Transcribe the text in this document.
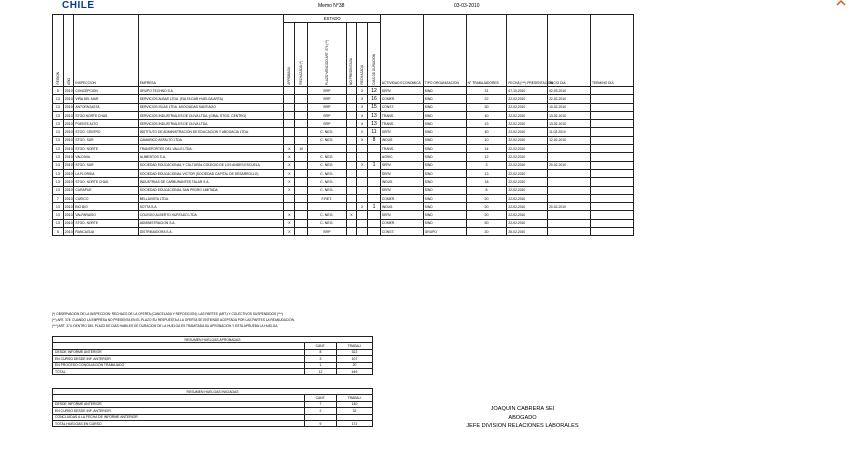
CHILE	Memo N°38	03-03-2010
REGION	AÑO	INSPECCION	EMPRESA	ESTADO						ACTIVIDAD ECONOMICA	TIPO ORGANIZACION	N° TRABAJADORES	FECHA (***) PRESENTACION	INICIO DIA	TERMINO DIA

				APROBADA	RECHAZADA (*)	PLAZO VENCIDO ART. 374 (**)	NO PRESENTADA	RECHAZADA	DIAS DE DURACION						

5	2010	CONCEPCION	GRUPO TECHNO S.A.			SRP		X	12	SERV.	SIND	31	07-10-2010	02-03-2010	
13	2010	VIÑA DEL MAR	SERVICIOS ALBAS LTDA. (FALTA DAR HUELGA ARTA)			SRP		X	16	COMER.	SIND	22	22-02-2010	22-02-2010	
13	2010	ANTOFAGASTA	SERVICIOS ISLAS LTDA. ASOCIADAS SANTIAGO			SRP		X	15	CONST.	SIND	30	22-02-2010	10-02-2010	
13	2010	STGO NORTE CHAS.	SERVICIOS INDUSTRIALES DE OLIVA LTDA. (GRAL STGO. CENTRO)			SRP		X	13	TRANS.	SIND	40	22-02-2010	13-02-2010	
13	2010	PUENTE ALTO	SERVICIOS INDUSTRIALES DE OLIVA LTDA.			SRP		X	13	TRANS.	SIND	13	22-02-2010	13-02-2010	
13	2010	STGO. CENTRO	INSTITUTO DE ADMINISTRACION DE EDUCACION Y ABOGACIA LTDA.			C. NEG.		X	11	SERV.	SIND	40	22-02-2010	11-02-2010	
13	2010	STGO. SUR	CAMARICO ASFALTO LTDA.			C. NEG.		X	8	INDUS.	SIND	10	22-02-2010	12-02-2010	
13	2010	STGO. NORTE	TRANSPORTES DEL VALLE LTDA.	X	10					TRANS.	SIND	14	22-02-2010		
13	2010	VALDIVIA	ALIMENTOS S.A.	X		C. NEG.				AGRIC.	SIND	12	22-02-2010		
13	2010	STGO. SUR	SOCIEDAD EDUCACIONAL Y CULTURAL COLEGIO DE LOS ANDES ESCUELA	X		C. NEG.		X	1	SERV.	SIND	3	22-02-2010	20-02-2010	
13	2010	LA FLORIDA	SOCIEDAD EDUCACIONAL VICTOR (SOCIEDAD CAPITAL DE DESARROLLO)	X		C. NEG.				SERV.	SIND	13	22-02-2010		
13	2010	STGO. NORTE CHAS.	INDUSTRIAS DE CARBURANTES TALAR S.A.	X		C. NEG.				INDUS.	SIND	18	22-02-2010		
13	2010	CURAPUE	SOCIEDAD EDUCACIONAL SAN PEDRO LIMITADA	X		C. NEG.				SERV.	SIND	8	22-02-2010		
7	2010	CURICO	BELLAVISTA LTDA.			F.RET.				COMER.	SIND	20	22-02-2010		
13	2010	BIO BIO	SOTTA S.A.					X	1	INDUS.	SIND	20	22-02-2010	20-02-2010	
13	2010	VALPARAISO	COLEGIO ALBERTO HURTADO LTDA.	X		C. NEG.	X			SERV.	SIND	20	22-02-2010		
13	2010	STGO. NORTE	ADMINISTRACION S.A.	X		C. NEG.				COMER.	SIND	50	22-02-2010		
5	2010	RANCAGUA	DISTRIBUIDORA S.A.	X		SRP				CONST.	GRUPO	20	26-02-2010		
(*) OBSERVACION DE LA INSPECCION: RECHAZO DE LA OFERTA (CANCELADA Y REPOSICION), LAS PARTES (ART.) Y COLECTIVOS SUSPENDIDOS (***)
(**) ART. 374: CUANDO LA EMPRESA NO PRESENTA EN EL PLAZO SU RESPUESTA A LA OFERTA SE ENTIENDE ACEPTADA POR LAS PARTES LA REANUDACION.
(***) ART. 374: DENTRO DEL PLAZO DE DIAS HABILES DE DURACION DE LA HUELGA ES TRAMITADA SU APROBACION Y ESTA APRUEBA LA HUELGA.
RESUMEN HUELGAS APROBADAS		
	CANT.	TRABAJ.
DESDE INFORME ANTERIOR	8	322
EN CURSO DESDE INF. ANTERIOR	3	107
EN PROCESO CONCILIACION TRABAJADO	1	20
TOTAL	12	449
RESUMEN HUELGAS INICIADAS		
	CANT.	TRABAJ.
DESDE INFORME ANTERIOR	7	140
EN CURSO DESDE INF. ANTERIOR	2	32
CONCLUIDAS A LA FECHA DE INFORME ANTERIOR		
TOTAL HUELGAS EN CURSO	9	172
JOAQUIN CABRERA SEI
ABOGADO
JEFE DIVISION RELACIONES LABORALES
